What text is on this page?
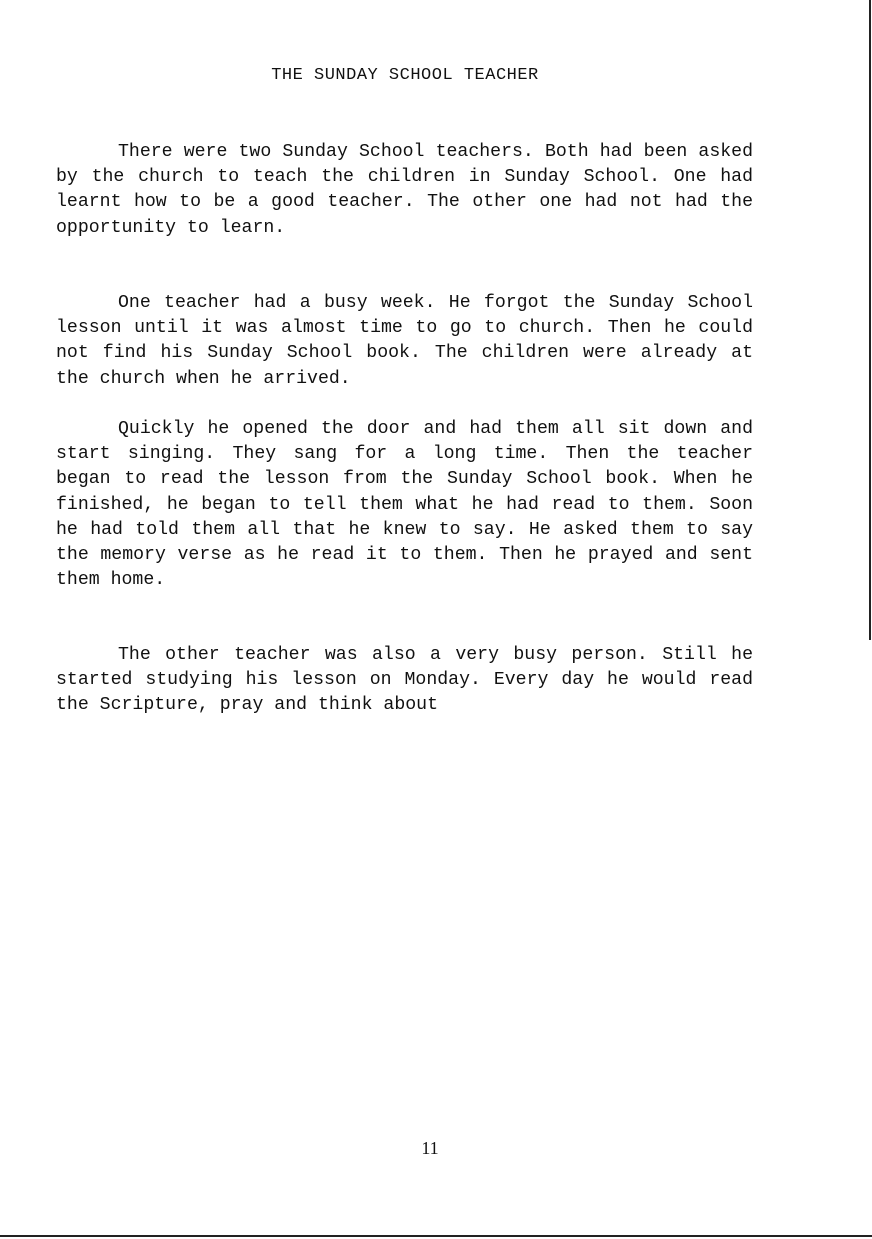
THE SUNDAY SCHOOL TEACHER

There were two Sunday School teachers. Both had been asked by the church to teach the children in Sunday School. One had learnt how to be a good teacher. The other one had not had the opportunity to learn.

One teacher had a busy week. He forgot the Sunday School lesson until it was almost time to go to church. Then he could not find his Sunday School book. The children were already at the church when he arrived.

Quickly he opened the door and had them all sit down and start singing. They sang for a long time. Then the teacher began to read the lesson from the Sunday School book. When he finished, he began to tell them what he had read to them. Soon he had told them all that he knew to say. He asked them to say the memory verse as he read it to them. Then he prayed and sent them home.

The other teacher was also a very busy person. Still he started studying his lesson on Monday. Every day he would read the Scripture, pray and think about

11
